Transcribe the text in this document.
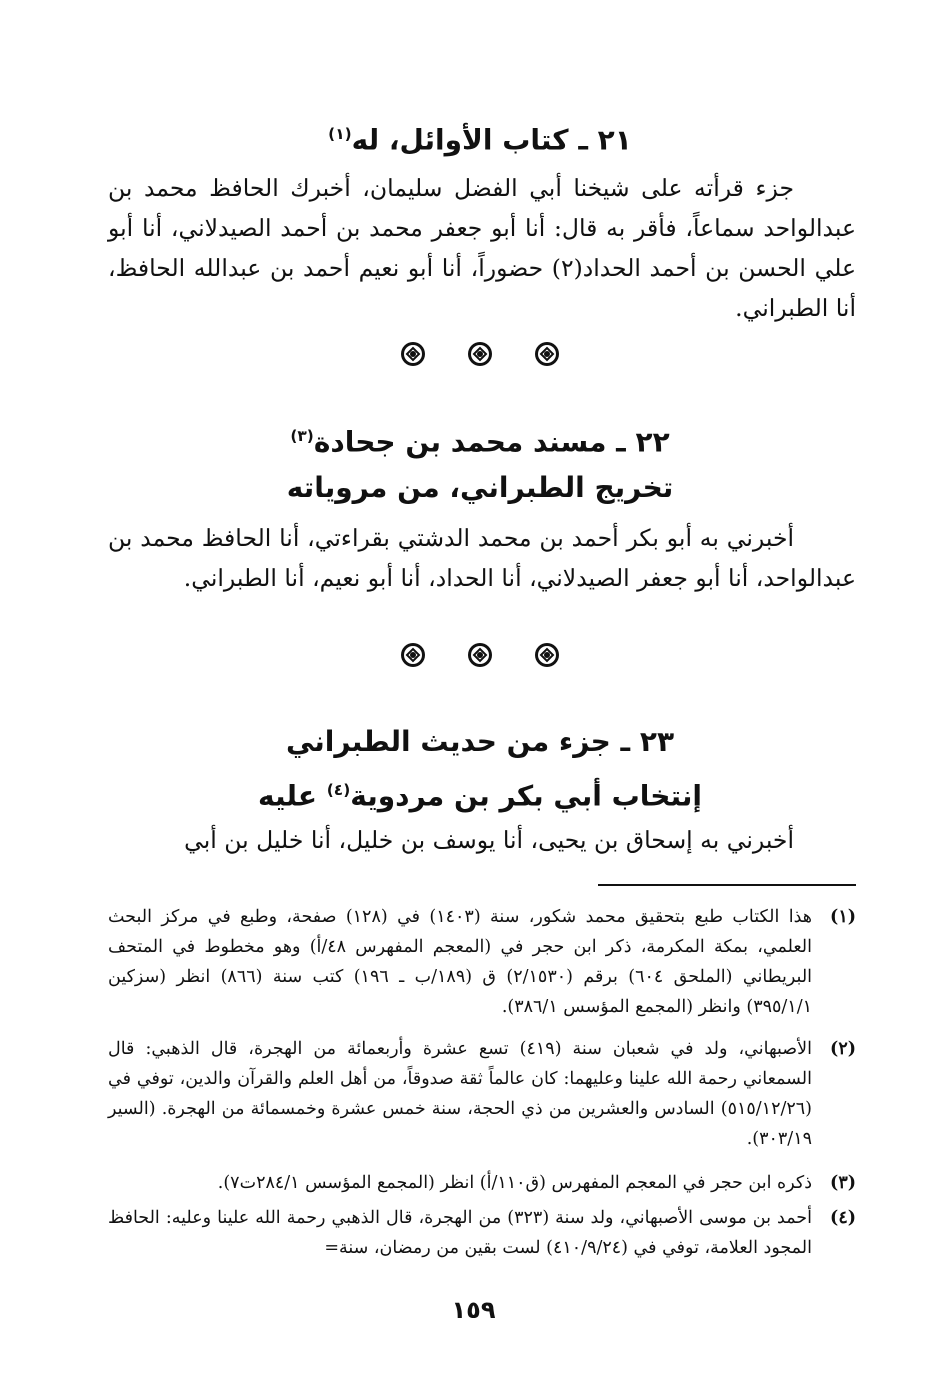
٢١ ـ كتاب الأوائل، له$^{(١)}$
جزء قرأته على شيخنا أبي الفضل سليمان، أخبرك الحافظ محمد بن عبدالواحد سماعاً، فأقر به قال: أنا أبو جعفر محمد بن أحمد الصيدلاني، أنا أبو علي الحسن بن أحمد الحداد(٢) حضوراً، أنا أبو نعيم أحمد بن عبدالله الحافظ، أنا الطبراني.
٢٢ ـ مسند محمد بن جحادة$^{(٣)}$
تخريج الطبراني، من مروياته
أخبرني به أبو بكر أحمد بن محمد الدشتي بقراءتي، أنا الحافظ محمد بن عبدالواحد، أنا أبو جعفر الصيدلاني، أنا الحداد، أنا أبو نعيم، أنا الطبراني.
٢٣ ـ جزء من حديث الطبراني
إنتخاب أبي بكر بن مردوية$^{(٤)}$ عليه
أخبرني به إسحاق بن يحيى، أنا يوسف بن خليل، أنا خليل بن أبي
(١)
هذا الكتاب طبع بتحقيق محمد شكور، سنة (١٤٠٣) في (١٢٨) صفحة، وطبع في مركز البحث العلمي، بمكة المكرمة، ذكر ابن حجر في (المعجم المفهرس ٤٨/أ) وهو مخطوط في المتحف البريطاني (الملحق ٦٠٤) برقم (٢/١٥٣٠) ق (١٨٩/ب ـ ١٩٦) كتب سنة (٨٦٦) انظر (سزكين ٣٩٥/١/١) وانظر (المجمع المؤسس ٣٨٦/١).
(٢)
الأصبهاني، ولد في شعبان سنة (٤١٩) تسع عشرة وأربعمائة من الهجرة، قال الذهبي: قال السمعاني رحمة الله علينا وعليهما: كان عالماً ثقة صدوقاً، من أهل العلم والقرآن والدين، توفي في (٥١٥/١٢/٢٦) السادس والعشرين من ذي الحجة، سنة خمس عشرة وخمسمائة من الهجرة. (السير ٣٠٣/١٩).
(٣)
ذكره ابن حجر في المعجم المفهرس (ق١١٠/أ) انظر (المجمع المؤسس ٢٨٤/١ت٧).
(٤)
أحمد بن موسى الأصبهاني، ولد سنة (٣٢٣) من الهجرة، قال الذهبي رحمة الله علينا وعليه: الحافظ المجود العلامة، توفي في (٤١٠/٩/٢٤) لست بقين من رمضان، سنة=
١٥٩
